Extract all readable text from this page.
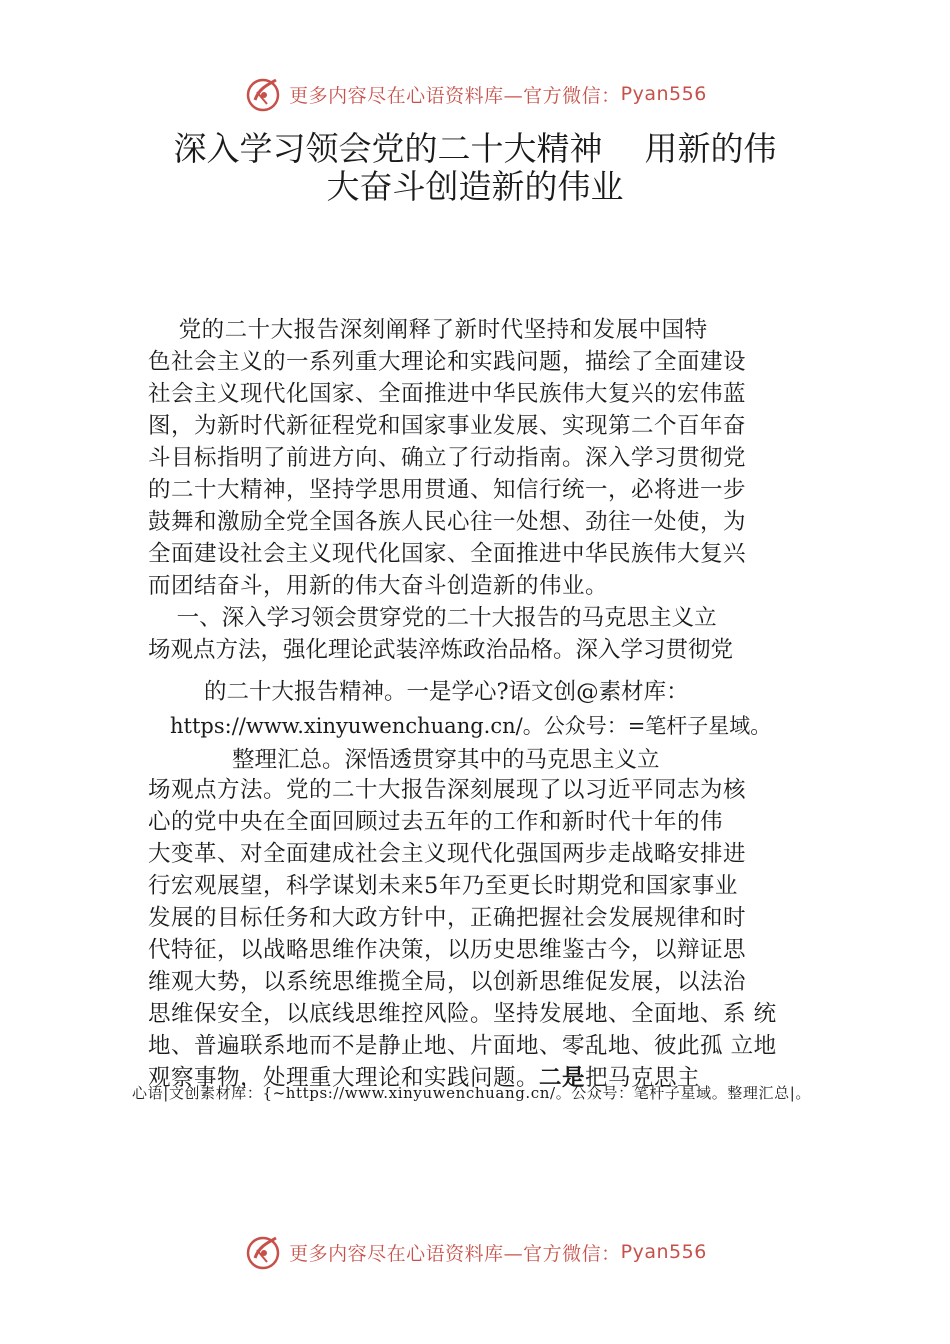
更多内容尽在心语资料库—官方微信： Pyan556
深入学习领会党的二十大精神    用新的伟
大奋斗创造新的伟业
党的二十大报告深刻阐释了新时代坚持和发展中国特
色社会主义的一系列重大理论和实践问题，描绘了全面建设
社会主义现代化国家、全面推进中华民族伟大复兴的宏伟蓝
图，为新时代新征程党和国家事业发展、实现第二个百年奋
斗目标指明了前进方向、确立了行动指南。深入学习贯彻党
的二十大精神，坚持学思用贯通、知信行统一，必将进一步
鼓舞和激励全党全国各族人民心往一处想、劲往一处使，为
全面建设社会主义现代化国家、全面推进中华民族伟大复兴
而团结奋斗，用新的伟大奋斗创造新的伟业。
一、深入学习领会贯穿党的二十大报告的马克思主义立
场观点方法，强化理论武装淬炼政治品格。深入学习贯彻党
的二十大报告精神。一是学心?语文创@素材库：
https://www.xinyuwenchuang.cn/。公众号：=笔杆子星域。
整理汇总。深悟透贯穿其中的马克思主义立
场观点方法。党的二十大报告深刻展现了以习近平同志为核
心的党中央在全面回顾过去五年的工作和新时代十年的伟
大变革、对全面建成社会主义现代化强国两步走战略安排进
行宏观展望，科学谋划未来5年乃至更长时期党和国家事业
发展的目标任务和大政方针中，正确把握社会发展规律和时
代特征，以战略思维作决策，以历史思维鉴古今，以辩证思
维观大势，以系统思维揽全局，以创新思维促发展，以法治
思维保安全，以底线思维控风险。坚持发展地、全面地、系 统
地、普遍联系地而不是静止地、片面地、零乱地、彼此孤 立地
观察事物，处理重大理论和实践问题。二是把马克思主
心语|文创素材库：{~https://www.xinyuwenchuang.cn/。公众号：笔杆子星域。整理汇总|。
更多内容尽在心语资料库—官方微信： Pyan556
